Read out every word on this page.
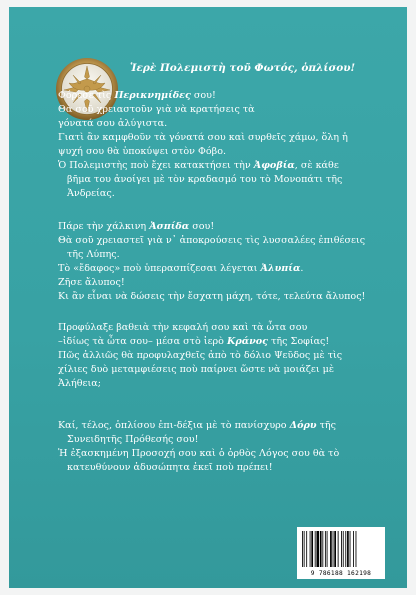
Ἱερὲ Πολεμιστὴ τοῦ Φωτός, ὁπλίσου!

Φόρεσε τὶς Περικνημίδες σου!

Θὰ σοῦ χρειαστοῦν γιὰ νὰ κρατήσεις τὰ

γόνατά σου ἀλύγιστα.

Γιατὶ ἂν καμφθοῦν τὰ γόνατά σου καὶ συρθεῖς χάμω, ὅλη ἡ

ψυχή σου θὰ ὑποκύψει στὸν Φόβο.

Ὁ Πολεμιστὴς ποὺ ἔχει κατακτήσει τὴν Ἀφοβία, σὲ κάθε

βῆμα του ἀνοίγει μὲ τὸν κραδασμό του τὸ Μονοπάτι τῆς

Ἀνδρείας.

Πάρε τὴν χάλκινη Ἀσπίδα σου!

Θὰ σοῦ χρειαστεῖ γιὰ ν᾽ ἀποκρούσεις τὶς λυσσαλέες ἐπιθέσεις

τῆς Λύπης.

Τὸ «ἔδαφος» ποὺ ὑπερασπίζεσαι λέγεται Ἀλυπία.

Ζῆσε ἄλυπος!

Κι ἂν εἶναι νὰ δώσεις τὴν ἔσχατη μάχη, τότε, τελεύτα ἄλυπος!

Προφύλαξε βαθειὰ τὴν κεφαλή σου καὶ τὰ ὦτα σου

–ἰδίως τὰ ὦτα σου– μέσα στὸ ἱερὸ Κράνος τῆς Σοφίας!

Πῶς ἀλλιῶς θὰ προφυλαχθεῖς ἀπὸ τὸ δόλιο Ψεῦδος μὲ τὶς

χίλιες δυὸ μεταμφιέσεις ποὺ παίρνει ὥστε νὰ μοιάζει μὲ

Ἀλήθεια;

Καί, τέλος, ὁπλίσου ἐπι-δέξια μὲ τὸ πανίσχυρο Δόρυ τῆς

Συνειδητῆς Πρόθεσής σου!

Ἡ ἐξασκημένη Προσοχή σου καὶ ὁ ὀρθὸς Λόγος σου θὰ τὸ

κατευθύνουν ἀδυσώπητα ἐκεῖ ποὺ πρέπει!

9 786188 162198
